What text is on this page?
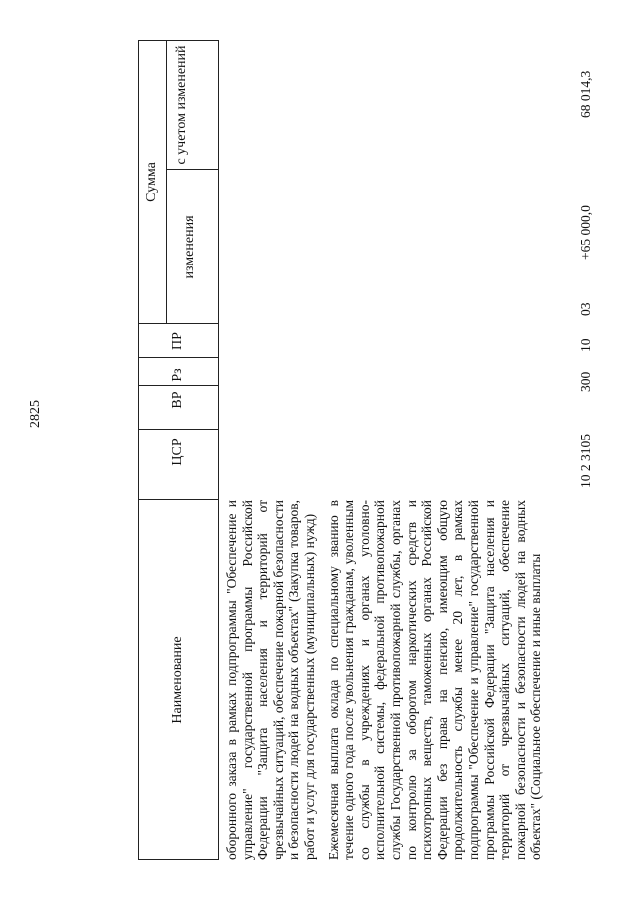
2825
Наименование
ЦСР
ВР
Рз
ПР
Сумма
изменения
с учетом изменений

оборонного заказа в рамках подпрограммы "Обеспечение и управление" государственной программы Российской Федерации "Защита населения и территорий от чрезвычайных ситуаций, обеспечение пожарной безопасности и безопасности людей на водных объектах" (Закупка товаров, работ и услуг для государственных (муниципальных) нужд) Ежемесячная выплата оклада по специальному званию в течение одного года после увольнения гражданам, уволенным со службы в учреждениях и органах уголовно-исполнительной системы, федеральной противопожарной службы Государственной противопожарной службы, органах по контролю за оборотом наркотических средств и психотропных веществ, таможенных органах Российской Федерации без права на пенсию, имеющим общую продолжительность службы менее 20 лет, в рамках подпрограммы "Обеспечение и управление" государственной программы Российской Федерации "Защита населения и территорий от чрезвычайных ситуаций, обеспечение пожарной безопасности и безопасности людей на водных объектах" (Социальное обеспечение и иные выплаты

10 2 3105
300
10
03
+65 000,0
68 014,3
